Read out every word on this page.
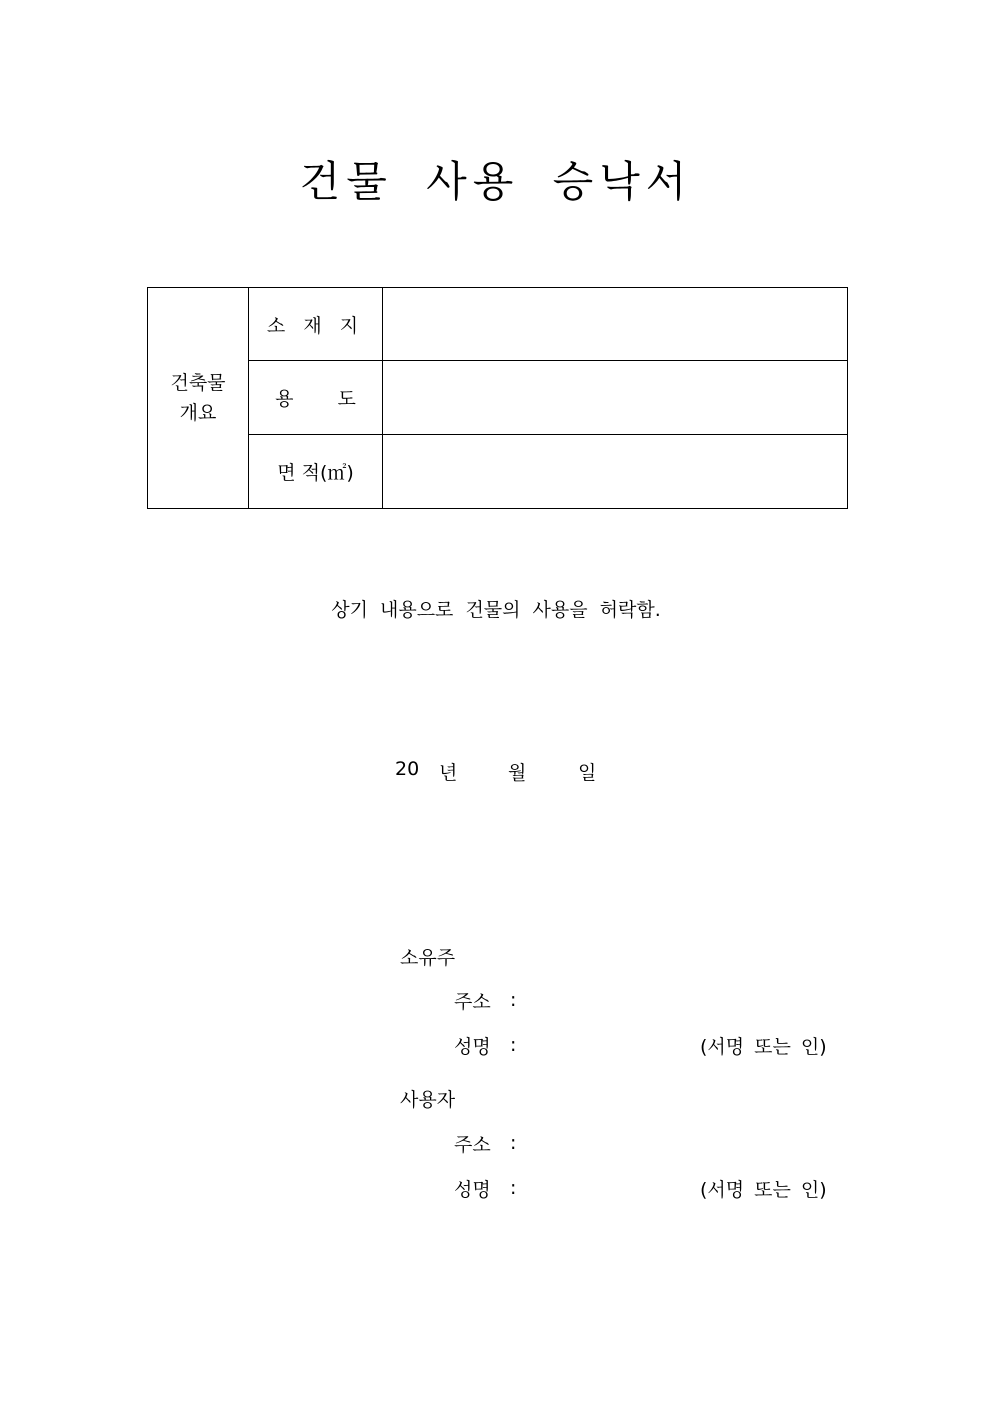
건물 사용 승낙서
건축물
개요	소 재 지	
	용 도	
	면 적(㎡)	
상기 내용으로 건물의 사용을 허락함.
20 년	월	일
소유주
주소 :
성명 :	(서명 또는 인)
사용자
주소 :
성명 :	(서명 또는 인)
